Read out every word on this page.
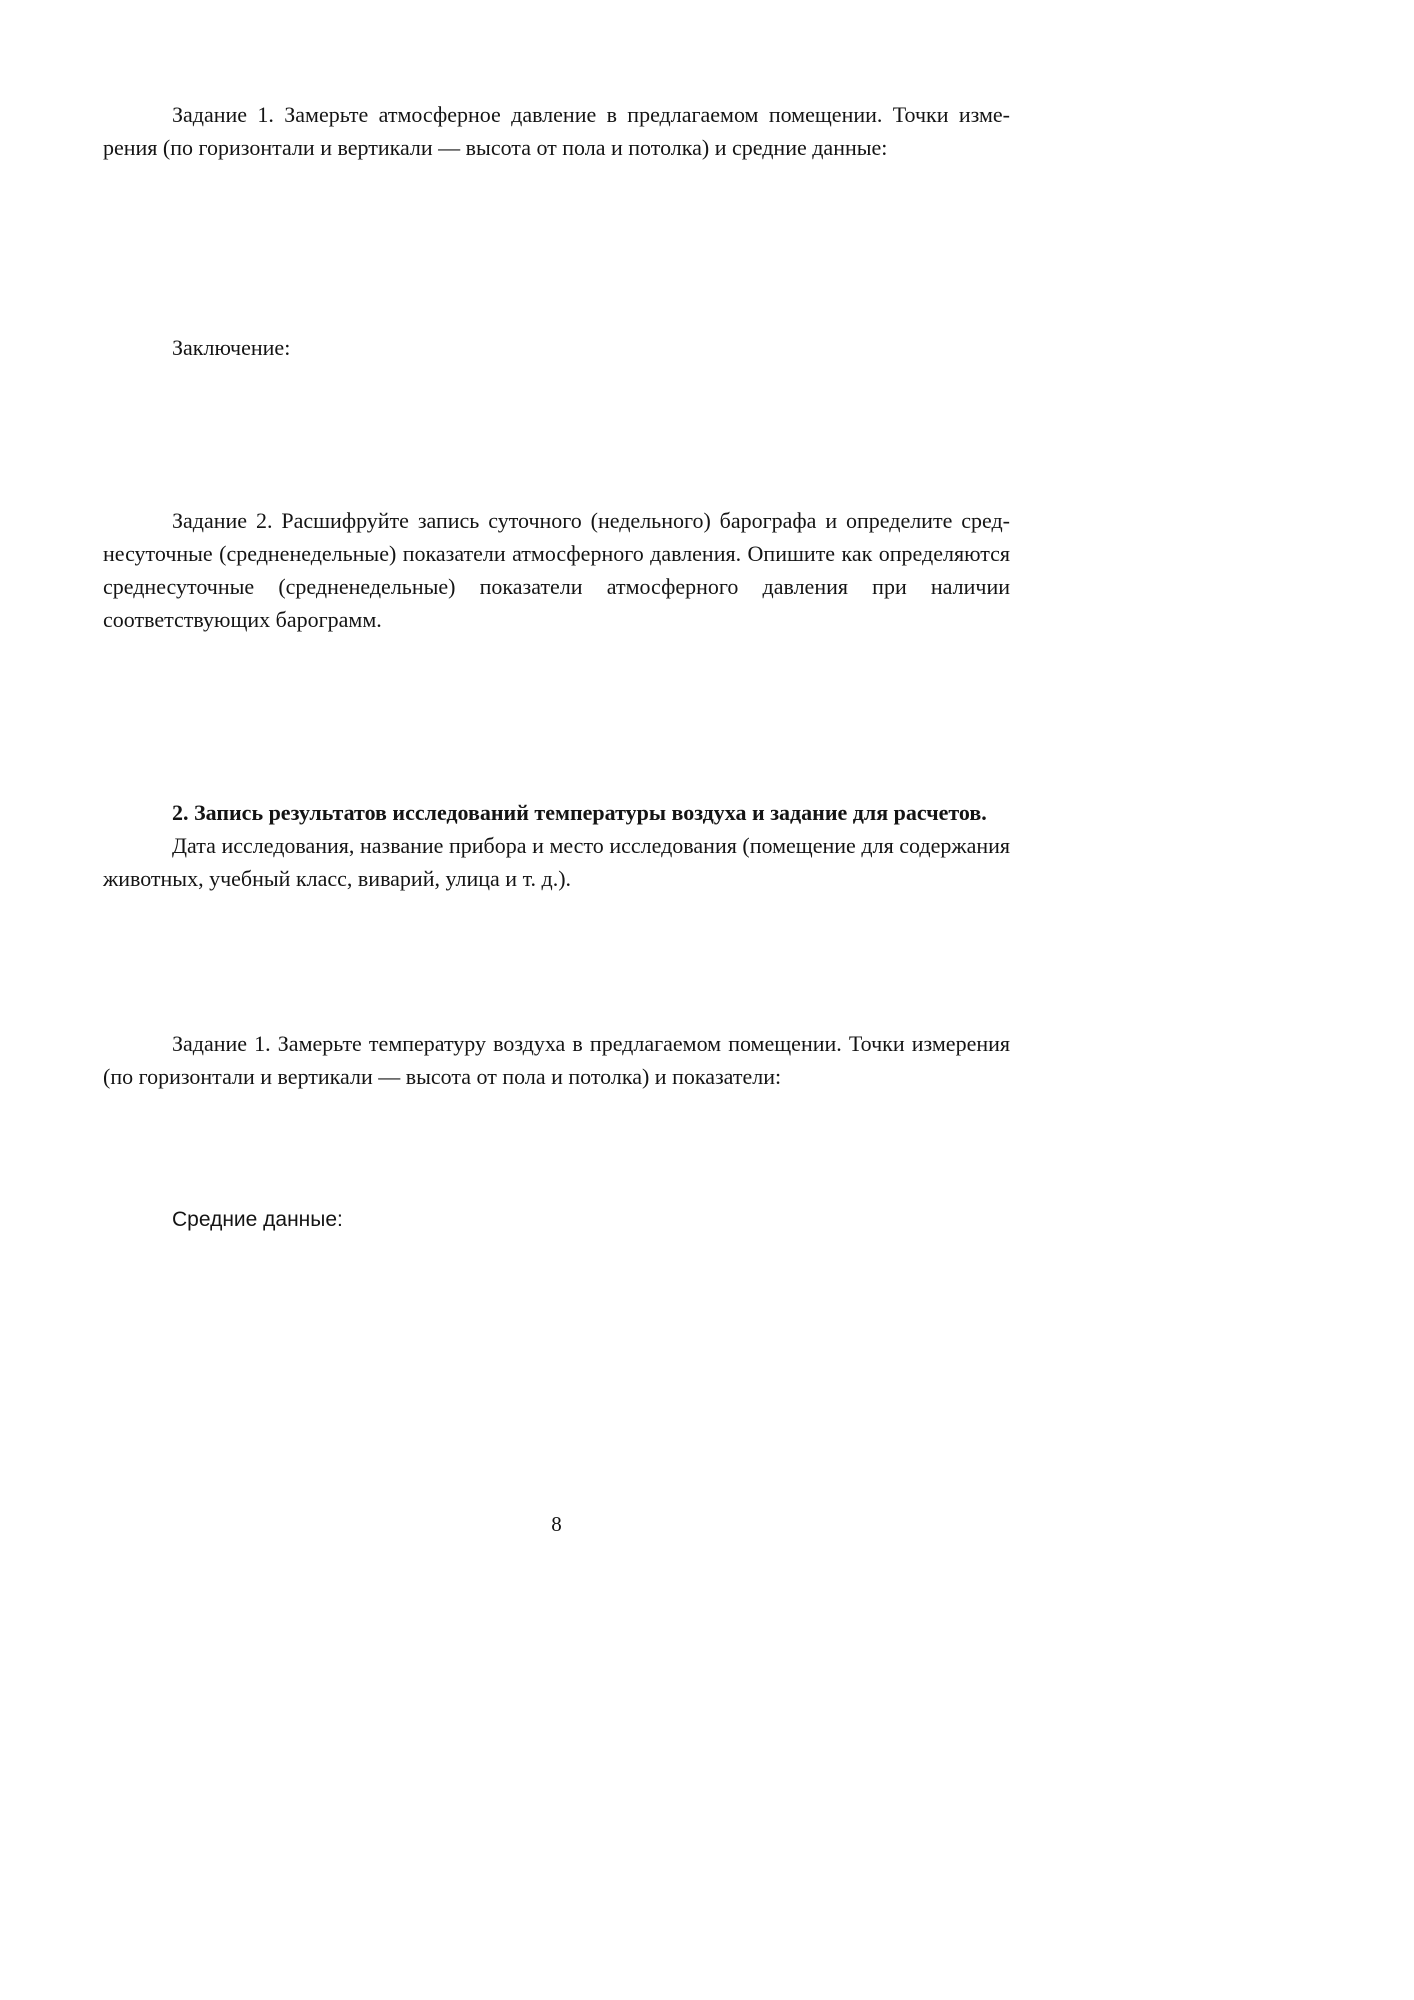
Задание 1. Замерьте атмосферное давление в предлагаемом помещении. Точки измерения (по горизонтали и вертикали — высота от пола и потолка) и средние данные:

Заключение:

Задание 2. Расшифруйте запись суточного (недельного) барографа и определите среднесуточные (средненедельные) показатели атмосферного давления. Опишите как определяются среднесуточные (средненедельные) показатели атмосферного давления при наличии соответствующих барограмм.

2. Запись результатов исследований температуры воздуха и задание для расчетов.

Дата исследования, название прибора и место исследования (помещение для содержания животных, учебный класс, виварий, улица и т. д.).

Задание 1. Замерьте температуру воздуха в предлагаемом помещении. Точки измерения (по горизонтали и вертикали — высота от пола и потолка) и показатели:

Средние данные:

8
